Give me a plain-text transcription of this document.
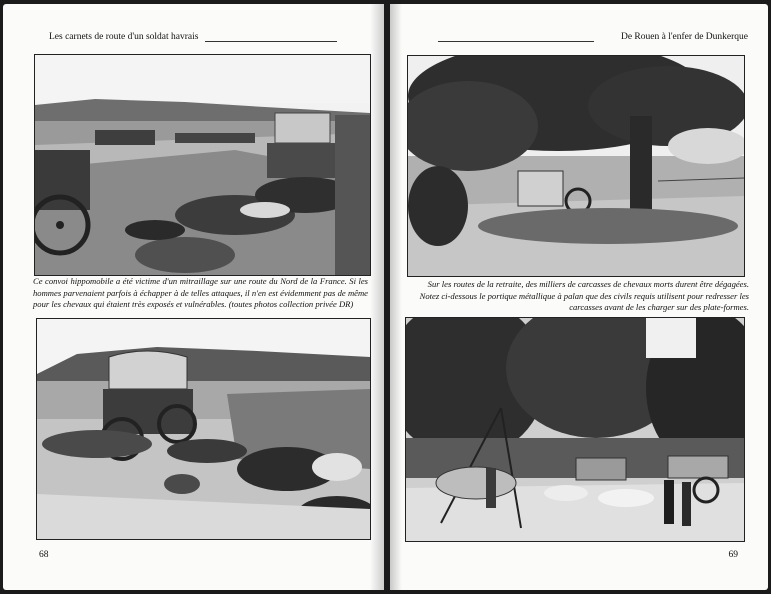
Les carnets de route d'un soldat havrais
Ce convoi hippomobile a été victime d'un mitraillage sur une route du Nord de la France. Si les hommes parvenaient parfois à échapper à de telles attaques, il n'en est évidemment pas de même pour les chevaux qui étaient très exposés et vulnérables. (toutes photos collection privée DR)
68
De Rouen à l'enfer de Dunkerque
Sur les routes de la retraite, des milliers de carcasses de chevaux morts durent être dégagées. Notez ci-dessous le portique métallique à palan que des civils requis utilisent pour redresser les carcasses avant de les charger sur des plate-formes.
69
